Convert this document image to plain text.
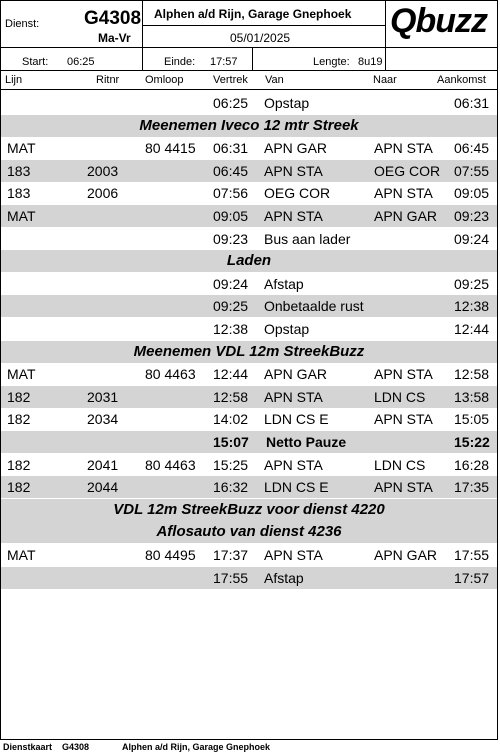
Dienst: G4308
Ma-Vr
Alphen a/d Rijn, Garage Gnephoek
05/01/2025	Qbuzz
Start: 06:25	Einde: 17:57	Lengte: 8u19
Lijn	Ritnr Omloop	Vertrek Van	Naar	Aankomst
06:25 Opstap	06:31
Meenemen Iveco 12 mtr Streek
MAT	80 4415 06:31 APN GAR	APN STA 06:45
183	2003	06:45 APN STA	OEG COR 07:55
183	2006	07:56 OEG COR	APN STA 09:05
MAT	09:05 APN STA	APN GAR 09:23
09:23 Bus aan lader	09:24
Laden
09:24 Afstap	09:25
09:25 Onbetaalde rust	12:38
12:38 Opstap	12:44
Meenemen VDL 12m StreekBuzz
MAT	80 4463 12:44 APN GAR	APN STA 12:58
182	2031	12:58 APN STA	LDN CS 13:58
182	2034	14:02 LDN CS E	APN STA 15:05
15:07 Netto Pauze	15:22
182	2041 80 4463 15:25 APN STA	LDN CS 16:28
182	2044	16:32 LDN CS E	APN STA 17:35
VDL 12m StreekBuzz voor dienst 4220
Aflosauto van dienst 4236
MAT	80 4495 17:37 APN STA	APN GAR 17:55
17:55 Afstap	17:57
Dienstkaart G4308	Alphen a/d Rijn, Garage Gnephoek
